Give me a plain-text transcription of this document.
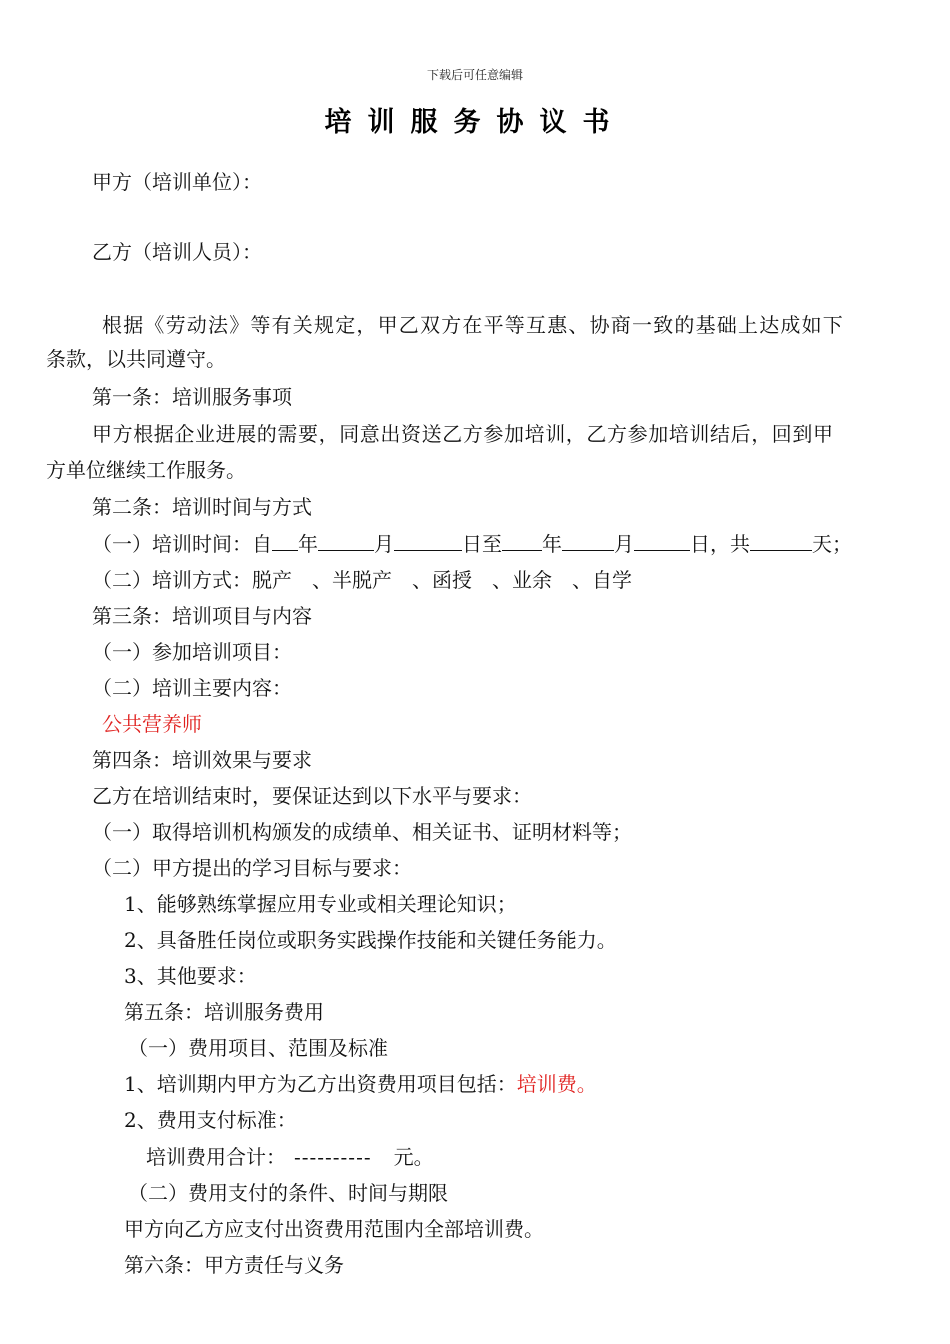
下载后可任意编辑
培训服务协议书
甲方（培训单位）：
乙方（培训人员）：
根据《劳动法》等有关规定，甲乙双方在平等互惠、协商一致的基础上达成如下
条款，以共同遵守。
第一条：培训服务事项
甲方根据企业进展的需要，同意出资送乙方参加培训，乙方参加培训结后，回到甲
方单位继续工作服务。
第二条：培训时间与方式
（一）培训时间：自 年	月	日至 年	月	日，共	天；
（二）培训方式：脱产　、半脱产　、函授　、业余　、自学
第三条：培训项目与内容
（一）参加培训项目：
（二）培训主要内容：
公共营养师
第四条：培训效果与要求
乙方在培训结束时，要保证达到以下水平与要求：
（一）取得培训机构颁发的成绩单、相关证书、证明材料等；
（二）甲方提出的学习目标与要求：
1、能够熟练掌握应用专业或相关理论知识；
2、具备胜任岗位或职务实践操作技能和关键任务能力。
3、其他要求：
第五条：培训服务费用
（一）费用项目、范围及标准
1、培训期内甲方为乙方出资费用项目包括：培训费。
2、费用支付标准：
培训费用合计： ---------- 元。
（二）费用支付的条件、时间与期限
甲方向乙方应支付出资费用范围内全部培训费。
第六条：甲方责任与义务
